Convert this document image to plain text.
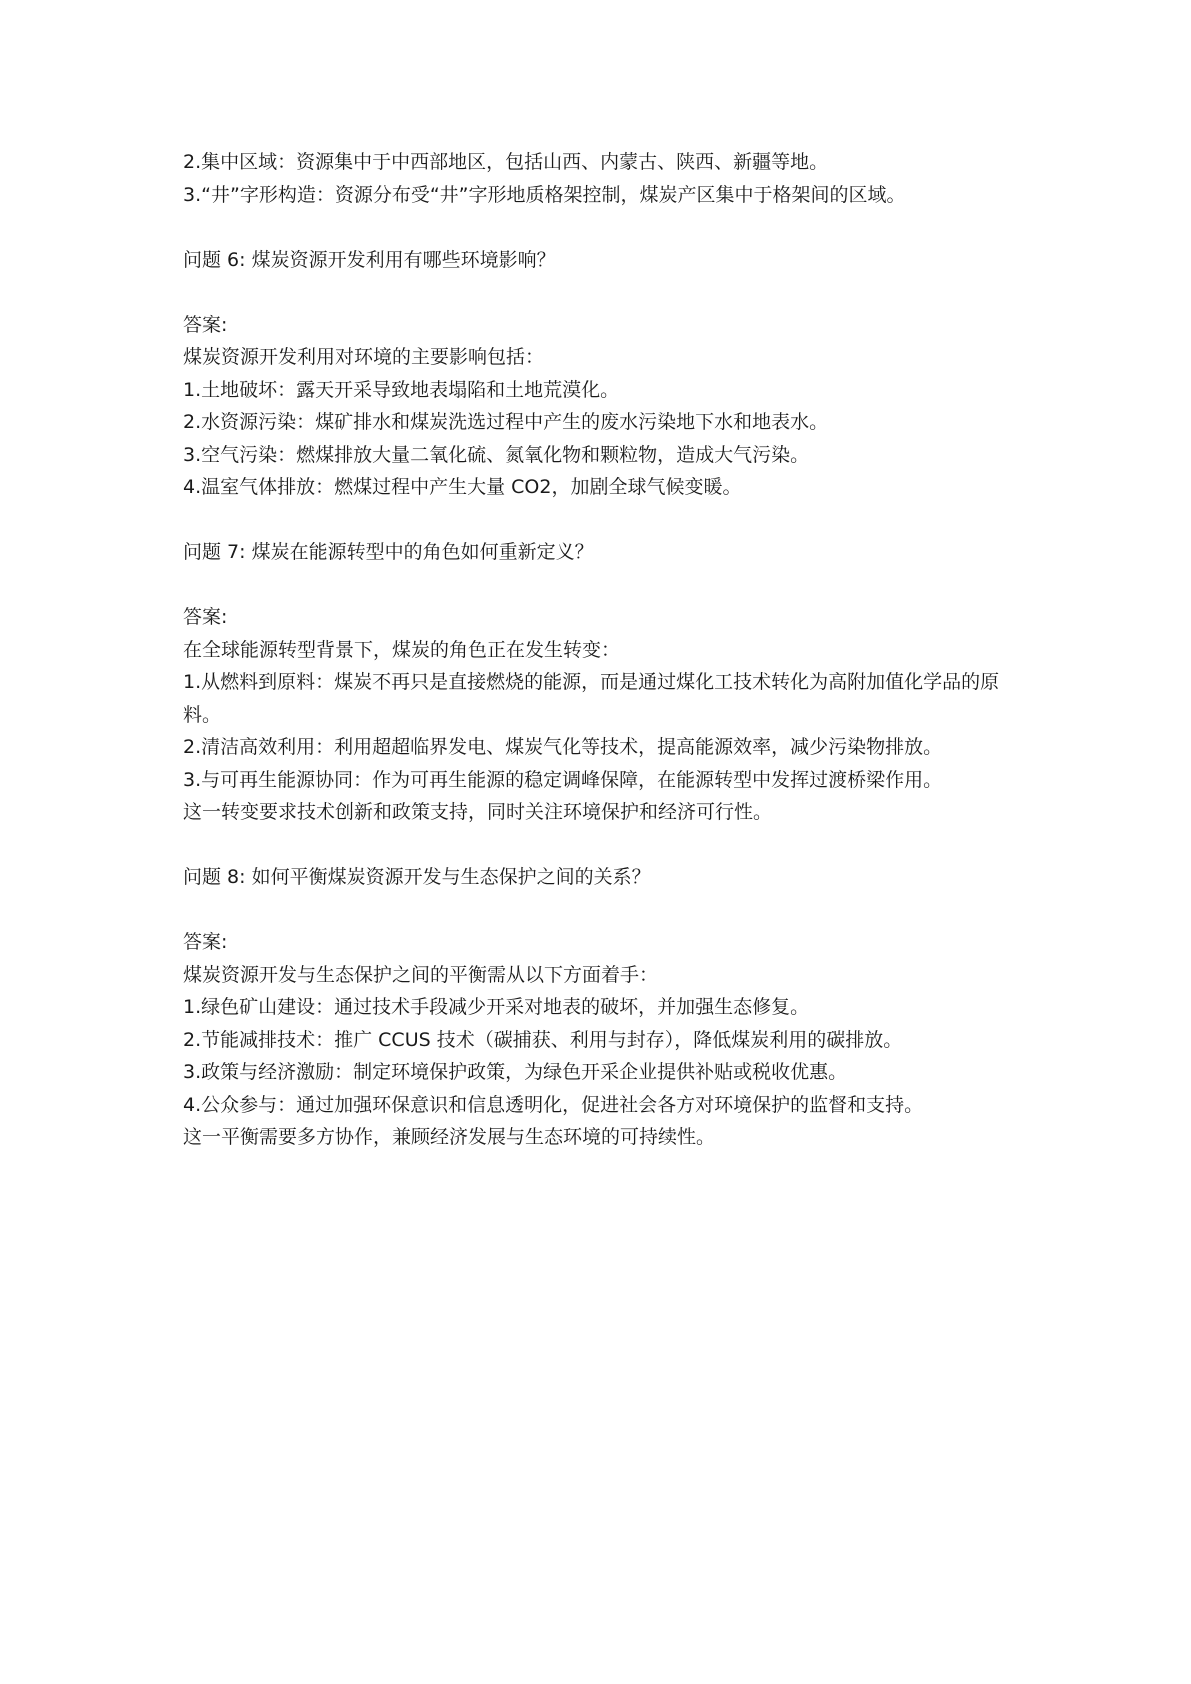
2.集中区域：资源集中于中西部地区，包括山西、内蒙古、陕西、新疆等地。
3.“井”字形构造：资源分布受“井”字形地质格架控制，煤炭产区集中于格架间的区域。
问题 6: 煤炭资源开发利用有哪些环境影响？
答案:
煤炭资源开发利用对环境的主要影响包括：
1.土地破坏：露天开采导致地表塌陷和土地荒漠化。
2.水资源污染：煤矿排水和煤炭洗选过程中产生的废水污染地下水和地表水。
3.空气污染：燃煤排放大量二氧化硫、氮氧化物和颗粒物，造成大气污染。
4.温室气体排放：燃煤过程中产生大量 CO2，加剧全球气候变暖。
问题 7: 煤炭在能源转型中的角色如何重新定义？
答案:
在全球能源转型背景下，煤炭的角色正在发生转变：
1.从燃料到原料：煤炭不再只是直接燃烧的能源，而是通过煤化工技术转化为高附加值化学品的原料。
2.清洁高效利用：利用超超临界发电、煤炭气化等技术，提高能源效率，减少污染物排放。
3.与可再生能源协同：作为可再生能源的稳定调峰保障，在能源转型中发挥过渡桥梁作用。
这一转变要求技术创新和政策支持，同时关注环境保护和经济可行性。
问题 8: 如何平衡煤炭资源开发与生态保护之间的关系？
答案:
煤炭资源开发与生态保护之间的平衡需从以下方面着手：
1.绿色矿山建设：通过技术手段减少开采对地表的破坏，并加强生态修复。
2.节能减排技术：推广 CCUS 技术（碳捕获、利用与封存），降低煤炭利用的碳排放。
3.政策与经济激励：制定环境保护政策，为绿色开采企业提供补贴或税收优惠。
4.公众参与：通过加强环保意识和信息透明化，促进社会各方对环境保护的监督和支持。
这一平衡需要多方协作，兼顾经济发展与生态环境的可持续性。
